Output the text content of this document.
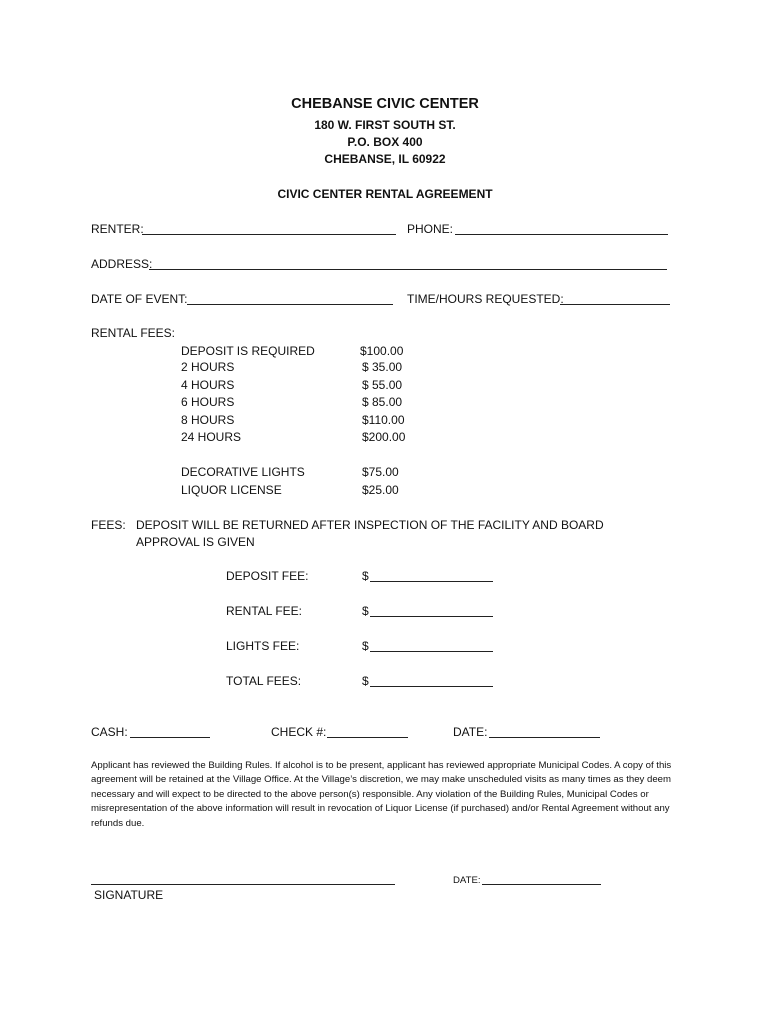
CHEBANSE CIVIC CENTER
180 W. FIRST SOUTH ST.
P.O. BOX 400
CHEBANSE, IL 60922
CIVIC CENTER RENTAL AGREEMENT
RENTER:	PHONE:
ADDRESS:
DATE OF EVENT:	TIME/HOURS REQUESTED:
RENTAL FEES:
DEPOSIT IS REQUIRED	$100.00
2 HOURS	$ 35.00
4 HOURS	$ 55.00
6 HOURS	$ 85.00
8 HOURS	$110.00
24 HOURS	$200.00
DECORATIVE LIGHTS	$75.00
LIQUOR LICENSE	$25.00
FEES: DEPOSIT WILL BE RETURNED AFTER INSPECTION OF THE FACILITY AND BOARD
APPROVAL IS GIVEN
DEPOSIT FEE:	$
RENTAL FEE:	$
LIGHTS FEE:	$
TOTAL FEES:	$
CASH:	CHECK #:	DATE:
Applicant has reviewed the Building Rules. If alcohol is to be present, applicant has reviewed appropriate Municipal Codes. A copy of this agreement will be retained at the Village Office. At the Village’s discretion, we may make unscheduled visits as many times as they deem necessary and will expect to be directed to the above person(s) responsible. Any violation of the Building Rules, Municipal Codes or misrepresentation of the above information will result in revocation of Liquor License (if purchased) and/or Rental Agreement without any refunds due.
SIGNATURE
DATE:
